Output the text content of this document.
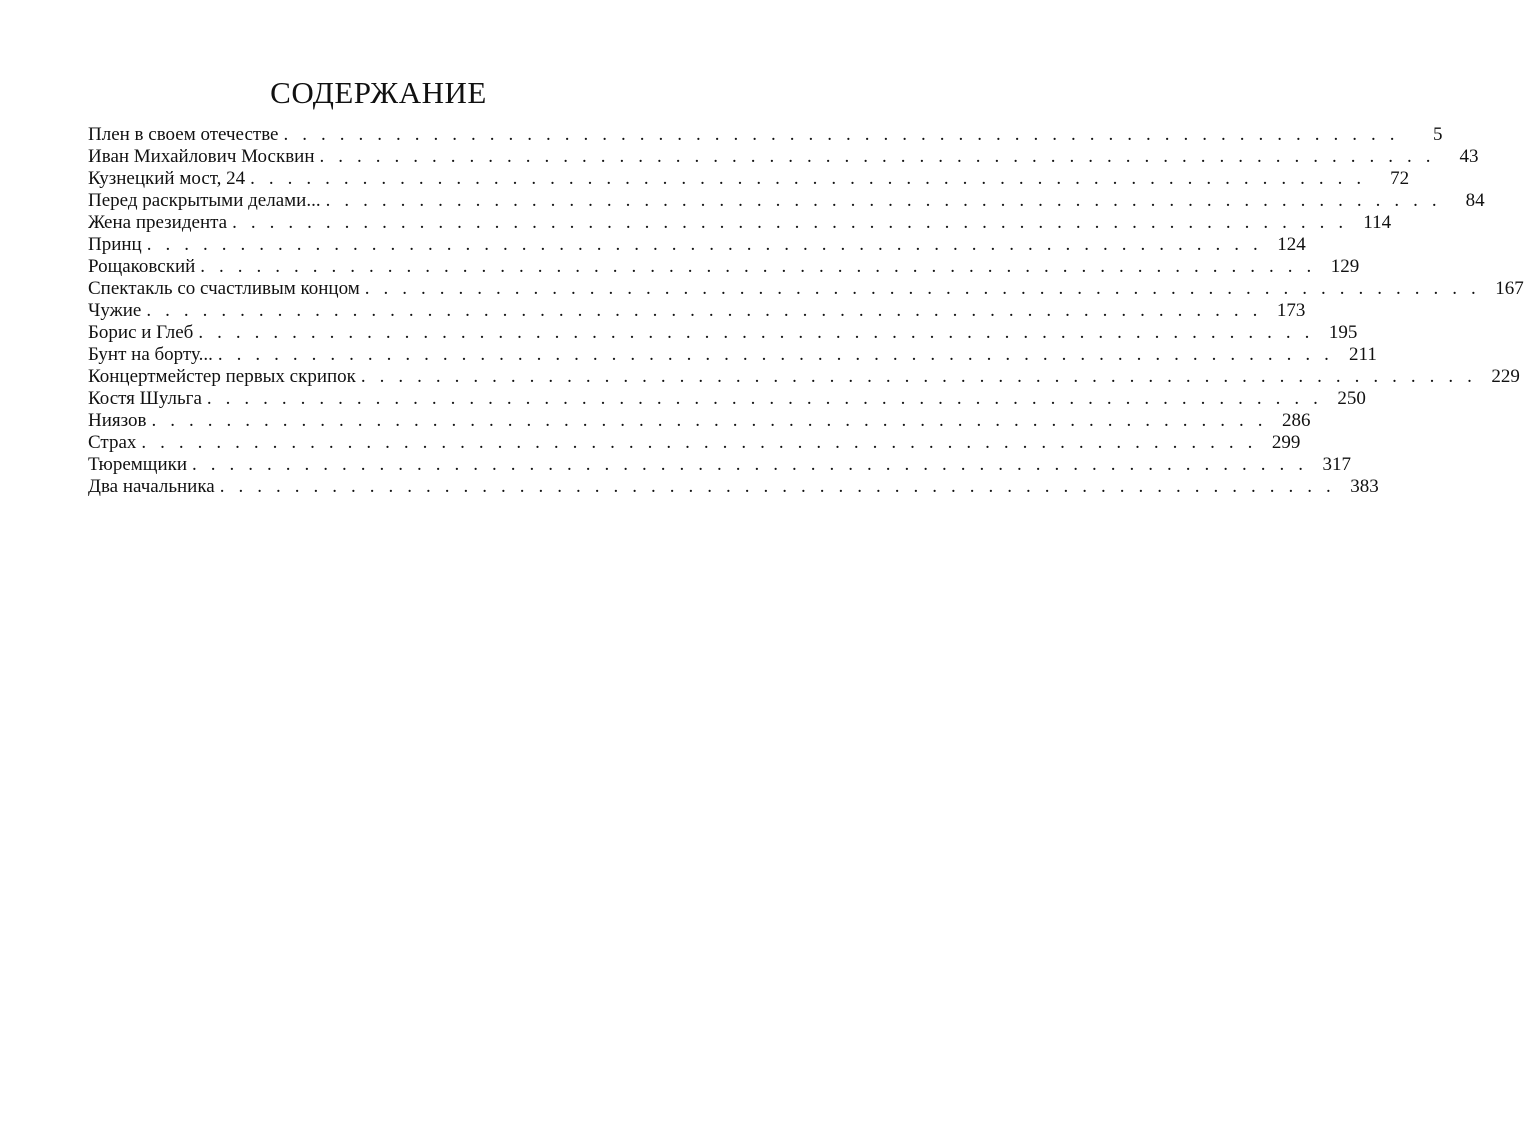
СОДЕРЖАНИЕ
Плен в своем отечестве ............................................................	5
Иван Михайлович Москвин ............................................................ 43
Кузнецкий мост, 24 ............................................................ 72
Перед раскрытыми делами... ............................................................ 84
Жена президента ............................................................ 114
Принц ............................................................ 124
Рощаковский ............................................................ 129
Спектакль со счастливым концом ............................................................ 167
Чужие ............................................................ 173
Борис и Глеб ............................................................ 195
Бунт на борту... ............................................................ 211
Концертмейстер первых скрипок ............................................................ 229
Костя Шульга ............................................................ 250
Ниязов ............................................................ 286
Страх ............................................................ 299
Тюремщики ............................................................ 317
Два начальника ............................................................ 383
